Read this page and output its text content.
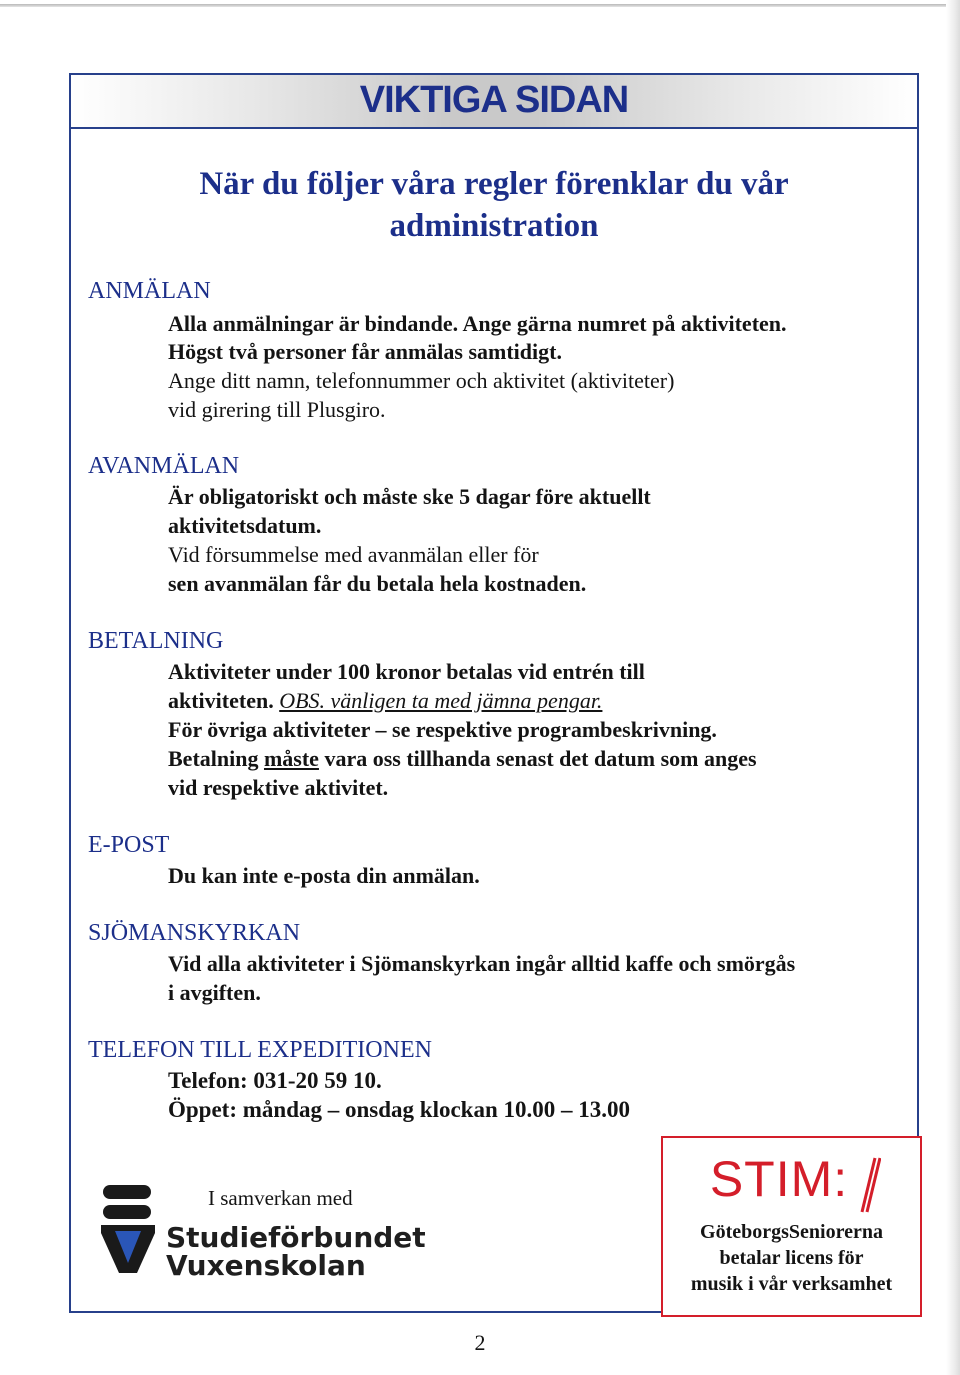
VIKTIGA SIDAN
När du följer våra regler förenklar du vår
administration
ANMÄLAN
Alla anmälningar är bindande. Ange gärna numret på aktiviteten.
Högst två personer får anmälas samtidigt.
Ange ditt namn, telefonnummer och aktivitet (aktiviteter)
vid girering till Plusgiro.
AVANMÄLAN
Är obligatoriskt och måste ske 5 dagar före aktuellt
aktivitetsdatum.
Vid försummelse med avanmälan eller för
sen avanmälan får du betala hela kostnaden.
BETALNING
Aktiviteter under 100 kronor betalas vid entrén till
aktiviteten. OBS. vänligen ta med jämna pengar.
För övriga aktiviteter – se respektive programbeskrivning.
Betalning måste vara oss tillhanda senast det datum som anges
vid respektive aktivitet.
E-POST
Du kan inte e-posta din anmälan.
SJÖMANSKYRKAN
Vid alla aktiviteter i Sjömanskyrkan ingår alltid kaffe och smörgås
i avgiften.
TELEFON TILL EXPEDITIONEN
Telefon: 031-20 59 10.
Öppet: måndag – onsdag klockan 10.00 – 13.00
I samverkan med
Studieförbundet
Vuxenskolan
STIM:
GöteborgsSeniorerna
betalar licens för
musik i vår verksamhet
2
